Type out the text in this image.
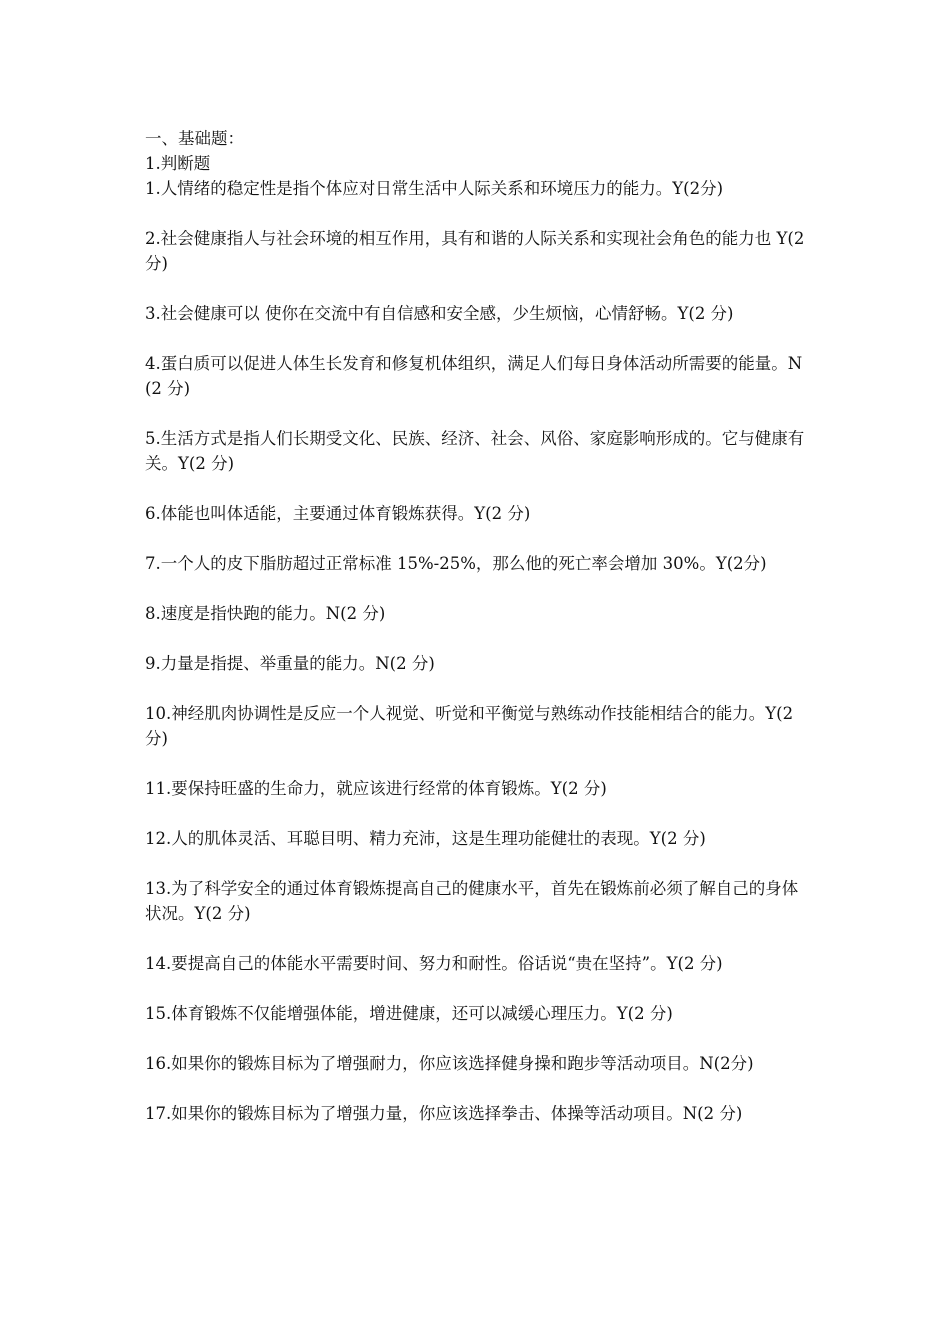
一、基础题：

1.判断题

1.人情绪的稳定性是指个体应对日常生活中人际关系和环境压力的能力。Y(2分)

2.社会健康指人与社会环境的相互作用，具有和谐的人际关系和实现社会角色的能力也 Y(2 分)

3.社会健康可以 使你在交流中有自信感和安全感，少生烦恼，心情舒畅。Y(2 分)

4.蛋白质可以促进人体生长发育和修复机体组织，满足人们每日身体活动所需要的能量。N(2 分)

5.生活方式是指人们长期受文化、民族、经济、社会、风俗、家庭影响形成的。它与健康有关。Y(2 分)

6.体能也叫体适能，主要通过体育锻炼获得。Y(2 分)

7.一个人的皮下脂肪超过正常标准 15%-25%，那么他的死亡率会增加 30%。Y(2分)

8.速度是指快跑的能力。N(2 分)

9.力量是指提、举重量的能力。N(2 分)

10.神经肌肉协调性是反应一个人视觉、听觉和平衡觉与熟练动作技能相结合的能力。Y(2 分)

11.要保持旺盛的生命力，就应该进行经常的体育锻炼。Y(2 分)

12.人的肌体灵活、耳聪目明、精力充沛，这是生理功能健壮的表现。Y(2 分)

13.为了科学安全的通过体育锻炼提高自己的健康水平，首先在锻炼前必须了解自己的身体状况。Y(2 分)

14.要提高自己的体能水平需要时间、努力和耐性。俗话说“贵在坚持”。Y(2 分)

15.体育锻炼不仅能增强体能，增进健康，还可以减缓心理压力。Y(2 分)

16.如果你的锻炼目标为了增强耐力，你应该选择健身操和跑步等活动项目。N(2分)

17.如果你的锻炼目标为了增强力量，你应该选择拳击、体操等活动项目。N(2 分)
